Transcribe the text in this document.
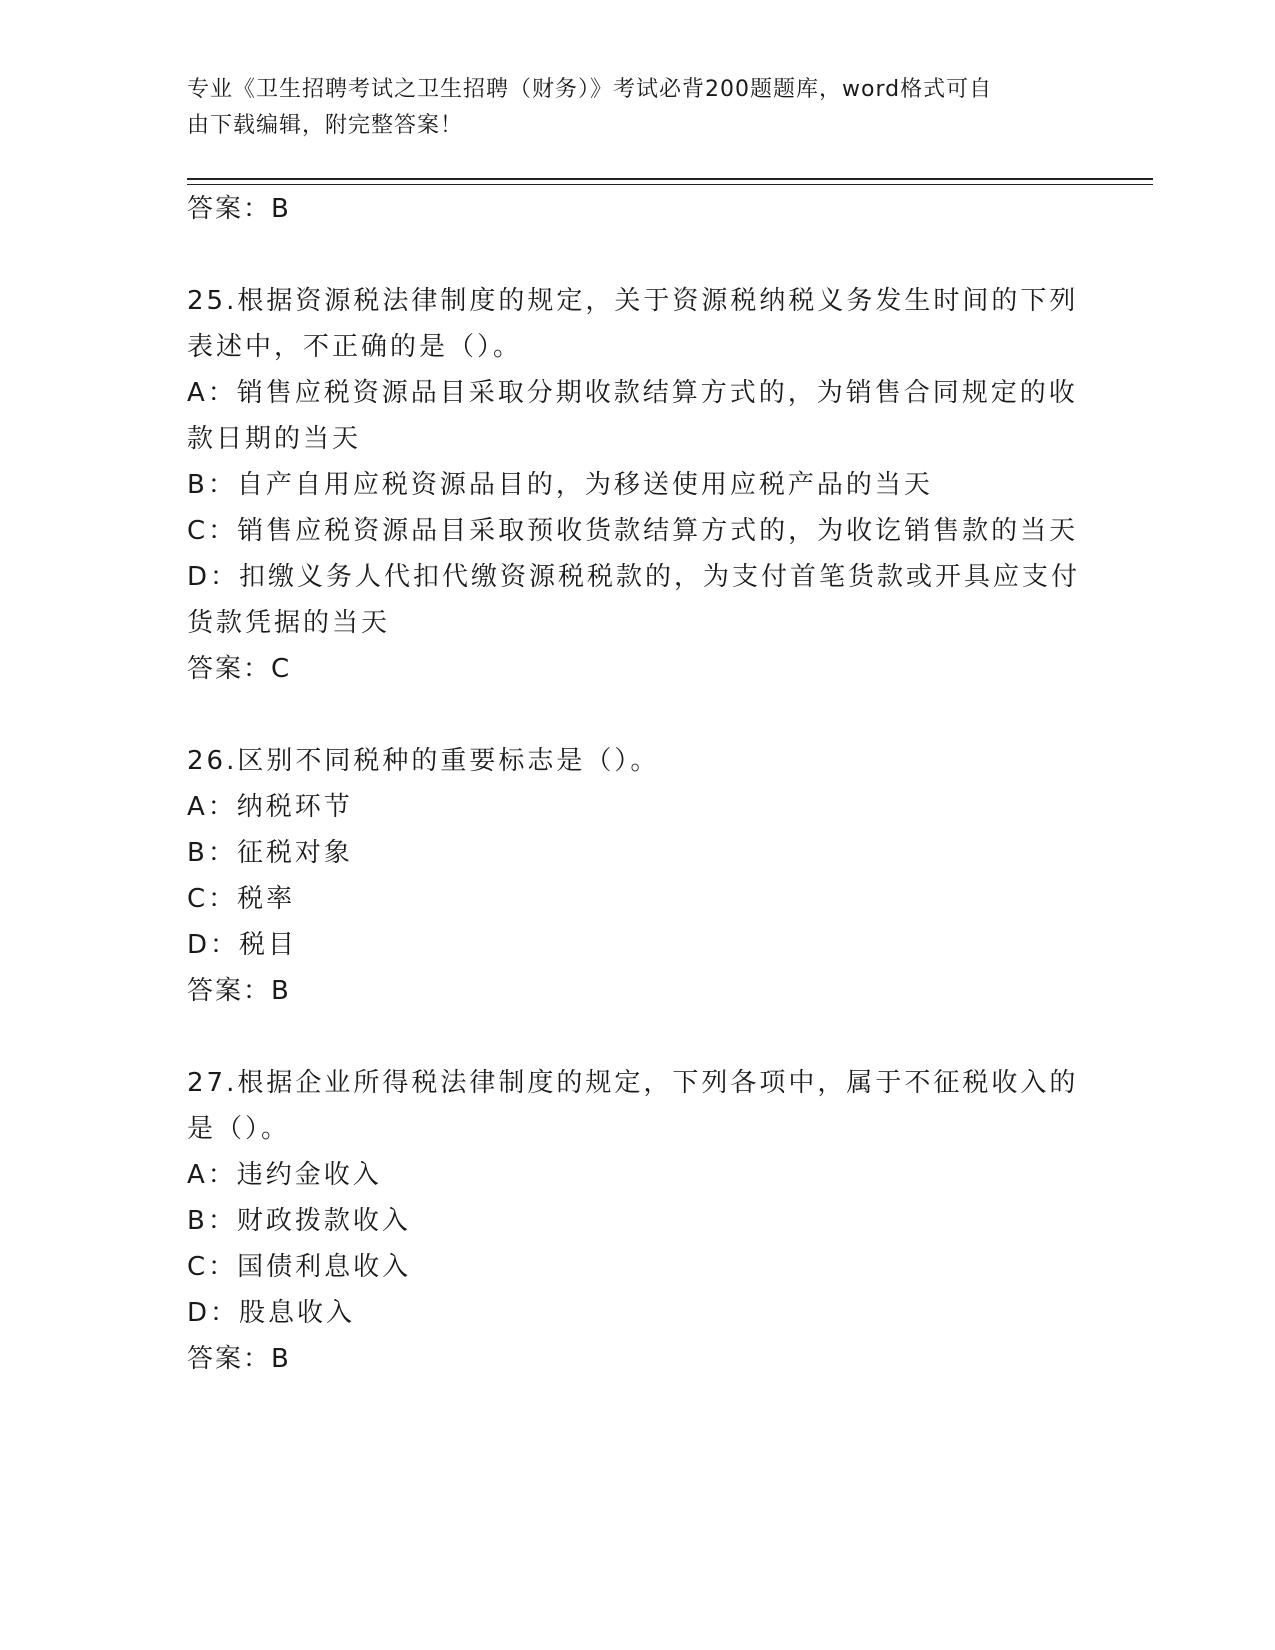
专业《卫生招聘考试之卫生招聘（财务）》考试必背200题题库，word格式可自
由下载编辑，附完整答案！
答案：B
25.根据资源税法律制度的规定，关于资源税纳税义务发生时间的下列
表述中，不正确的是（）。
A：销售应税资源品目采取分期收款结算方式的，为销售合同规定的收
款日期的当天
B：自产自用应税资源品目的，为移送使用应税产品的当天
C：销售应税资源品目采取预收货款结算方式的，为收讫销售款的当天
D：扣缴义务人代扣代缴资源税税款的，为支付首笔货款或开具应支付
货款凭据的当天
答案：C
26.区别不同税种的重要标志是（）。
A：纳税环节
B：征税对象
C：税率
D：税目
答案：B
27.根据企业所得税法律制度的规定，下列各项中，属于不征税收入的
是（）。
A：违约金收入
B：财政拨款收入
C：国债利息收入
D：股息收入
答案：B
